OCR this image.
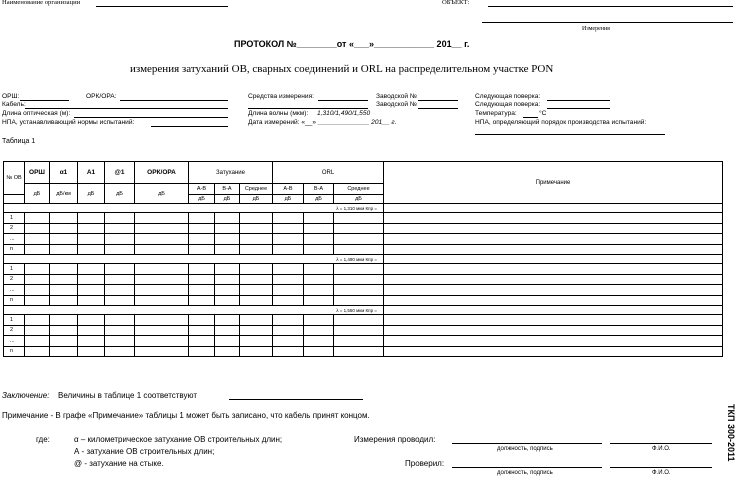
Наименование организации	ОБЪЕКТ:
Измерения
ПРОТОКОЛ №________от «___»____________ 201__ г.
измерения затуханий ОВ, сварных соединений и ORL на распределительном участке PON
ОРШ:	ОРК/ОРА:
Кабель:
Длина оптическая (м):
НПА, устанавливающий нормы испытаний:
Средства измерения:	Заводской №
Заводской №
Длина волны (мкм): 1,310/1,490/1,550
Дата измерений: «__» ______________ 201__ г.
Следующая поверка:
Следующая поверка:
Температура:	°С
НПА, определяющий порядок производства испытаний:
Таблица 1
№ ОВ	ОРШ	α1	A1	@1	ОРК/ОРА	Затухание			ORL			Примечание
	дБ	дБ/км	дБ	дБ	дБ	А-В	В-А	Среднее	А-В	В-А	Среднее	
						дБ	дБ	дБ	дБ	дБ	дБ	
λ = 1,310 мкм Кпр =												
1												
2												
...												
n												
λ = 1,490 мкм Кпр =												
1												
2												
...												
n												
λ = 1,550 мкм Кпр =												
1												
2												
...												
n												
Заключение: Величины в таблице 1 соответствуют
Примечание - В графе «Примечание» таблицы 1 может быть записано, что кабель принят концом.
где:	α – километрическое затухание ОВ строительных длин;
А - затухание ОВ строительных длин;
@ - затухание на стыке.
Измерения проводил:
должность, подпись	Ф.И.О.
Проверил:
должность, подпись	Ф.И.О.
ТКП 300-2011
